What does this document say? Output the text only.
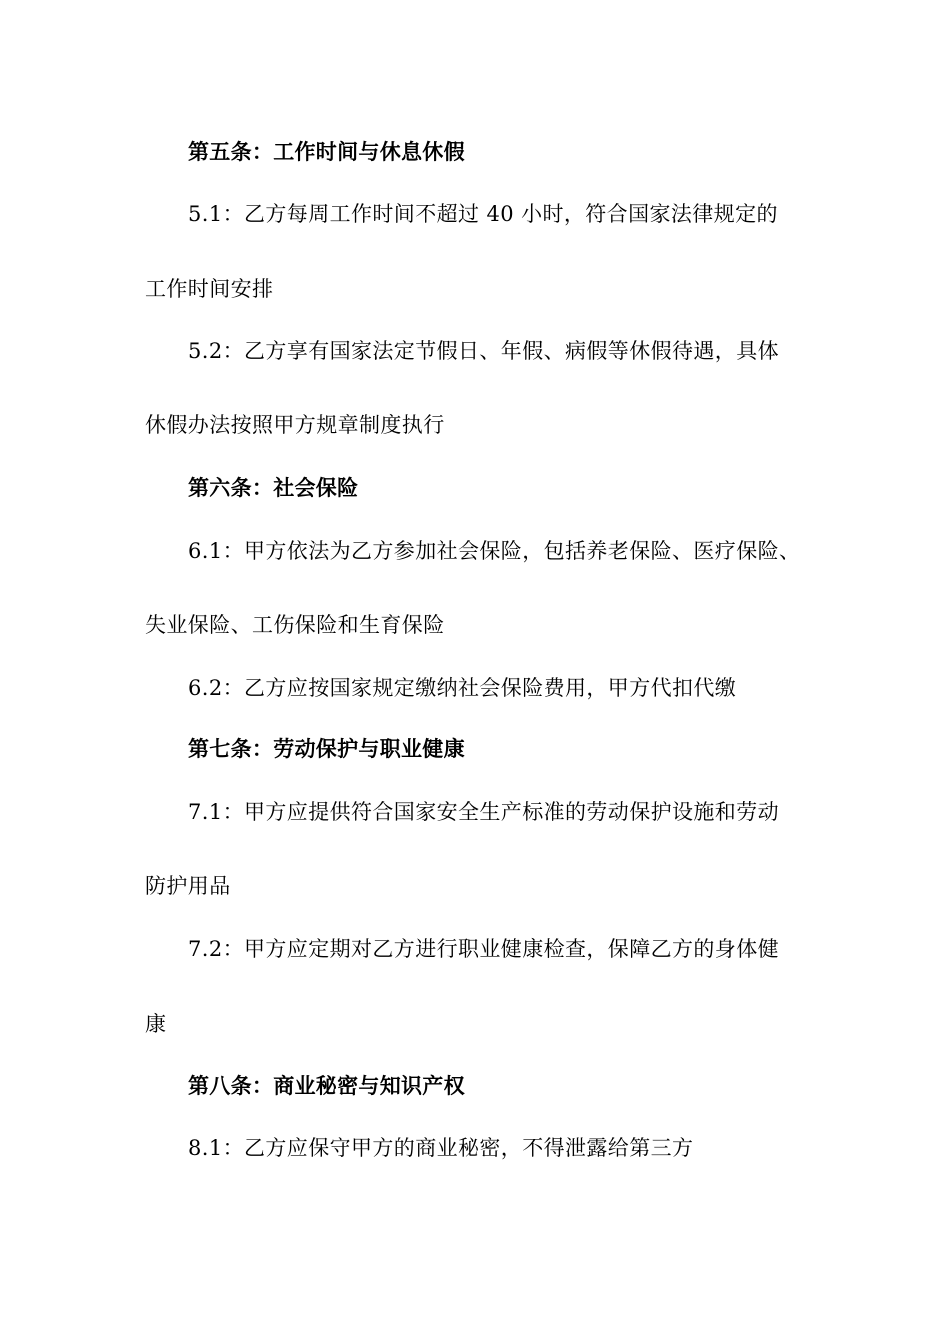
第五条：工作时间与休息休假
5.1：乙方每周工作时间不超过 40 小时，符合国家法律规定的
工作时间安排
5.2：乙方享有国家法定节假日、年假、病假等休假待遇，具体
休假办法按照甲方规章制度执行
第六条：社会保险
6.1：甲方依法为乙方参加社会保险，包括养老保险、医疗保险、
失业保险、工伤保险和生育保险
6.2：乙方应按国家规定缴纳社会保险费用，甲方代扣代缴
第七条：劳动保护与职业健康
7.1：甲方应提供符合国家安全生产标准的劳动保护设施和劳动
防护用品
7.2：甲方应定期对乙方进行职业健康检查，保障乙方的身体健
康
第八条：商业秘密与知识产权
8.1：乙方应保守甲方的商业秘密，不得泄露给第三方
